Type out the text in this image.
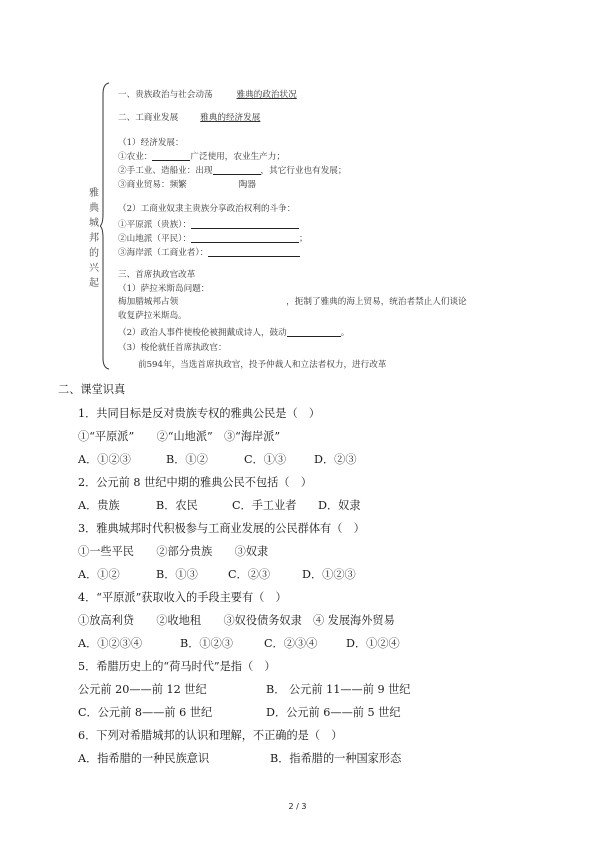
雅
典
城
邦
的
兴
起
一、贵族政治与社会动荡	雅典的政治状况
二、工商业发展	雅典的经济发展
（1）经济发展：
①农业：	广泛使用，农业生产力；
②手工业、造船业：出现	，其它行业也有发展；
③商业贸易：频繁	陶器
（2）工商业奴隶主贵族分享政治权利的斗争：
①平原派（贵族）：
②山地派（平民）：	；
③海岸派（工商业者）：
三、首席执政官改革
（1）萨拉米斯岛问题：
梅加腊城邦占领	，扼制了雅典的海上贸易，统治者禁止人们谈论
收复萨拉米斯岛。
（2）政治人事件使梭伦被拥戴成诗人，鼓动	。
（3）梭伦就任首席执政官：
前594年，当选首席执政官，投予仲裁人和立法者权力，进行改革
二、课堂识真
1．共同目标是反对贵族专权的雅典公民是（　）
①“平原派”　　②“山地派”　③“海岸派”
A．①②③	B．①②	C．①③ D．②③
2．公元前 8 世纪中期的雅典公民不包括（　）
A．贵族	B．农民	C．手工业者 D．奴隶
3．雅典城邦时代积极参与工商业发展的公民群体有（　）
①一些平民　　②部分贵族　　③奴隶
A．①②	B．①③	C．②③	D．①②③
4．“平原派”获取收入的手段主要有（　）
①放高利贷　　②收地租　　③奴役债务奴隶　④ 发展海外贸易
A．①②③④	B．①②③	C．②③④	D．①②④
5．希腊历史上的“荷马时代”是指（　）
公元前 20——前 12 世纪	B． 公元前 11——前 9 世纪
C．公元前 8——前 6 世纪	D．公元前 6——前 5 世纪
6．下列对希腊城邦的认识和理解，不正确的是（　）
A．指希腊的一种民族意识	B．指希腊的一种国家形态
2 / 3
